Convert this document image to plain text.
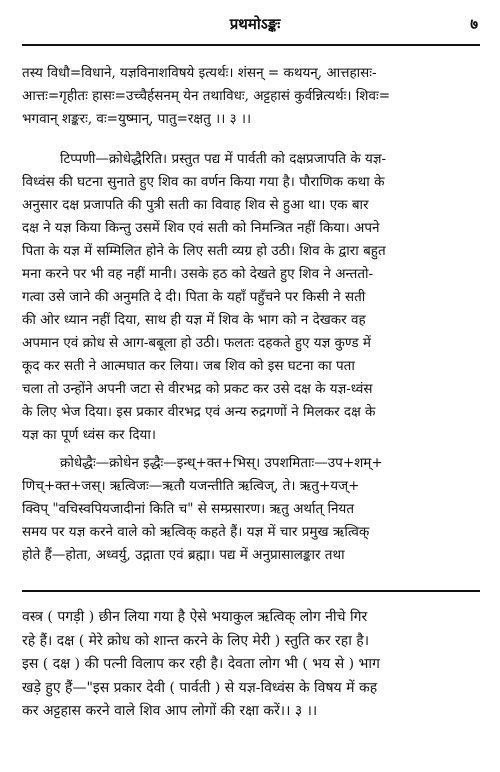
प्रथमोऽङ्कः	७
तस्य विधौ=विधाने, यज्ञविनाशविषये इत्यर्थः। शंसन् = कथयन्, आत्तहासः-
आत्तः=गृहीतः हासः=उच्चैर्हसनम् येन तथाविधः, अट्टहासं कुर्वन्नित्यर्थः। शिवः=
भगवान् शङ्करः, वः=युष्मान्, पातु=रक्षतु ।। ३ ।।
टिप्पणी—क्रोधेद्धैरिति। प्रस्तुत पद्य में पार्वती को दक्षप्रजापति के यज्ञ-
विध्वंस की घटना सुनाते हुए शिव का वर्णन किया गया है। पौराणिक कथा के
अनुसार दक्ष प्रजापति की पुत्री सती का विवाह शिव से हुआ था। एक बार
दक्ष ने यज्ञ किया किन्तु उसमें शिव एवं सती को निमन्त्रित नहीं किया। अपने
पिता के यज्ञ में सम्मिलित होने के लिए सती व्यग्र हो उठी। शिव के द्वारा बहुत
मना करने पर भी वह नहीं मानी। उसके हठ को देखते हुए शिव ने अन्ततो-
गत्वा उसे जाने की अनुमति दे दी। पिता के यहाँ पहुँचने पर किसी ने सती
की ओर ध्यान नहीं दिया, साथ ही यज्ञ में शिव के भाग को न देखकर वह
अपमान एवं क्रोध से आग-बबूला हो उठी। फलतः दहकते हुए यज्ञ कुण्ड में
कूद कर सती ने आत्मघात कर लिया। जब शिव को इस घटना का पता
चला तो उन्होंने अपनी जटा से वीरभद्र को प्रकट कर उसे दक्ष के यज्ञ-ध्वंस
के लिए भेज दिया। इस प्रकार वीरभद्र एवं अन्य रुद्रगणों ने मिलकर दक्ष के
यज्ञ का पूर्ण ध्वंस कर दिया।
क्रोधेद्धैः—क्रोधेन इद्धैः—इन्ध्+क्त+भिस्। उपशमिताः—उप+शम्+
णिच्+क्त+जस्। ऋत्विजः—ऋतौ यजन्तीति ऋत्विज्, ते। ऋतु+यज्+
क्विप् "वचिस्वपियजादीनां किति च" से सम्प्रसारण। ऋतु अर्थात् नियत
समय पर यज्ञ करने वाले को ऋत्विक् कहते हैं। यज्ञ में चार प्रमुख ऋत्विक्
होते हैं—होता, अध्वर्यु, उद्गाता एवं ब्रह्मा। पद्य में अनुप्रासालङ्कार तथा
वस्त्र ( पगड़ी ) छीन लिया गया है ऐसे भयाकुल ऋत्विक् लोग नीचे गिर
रहे हैं। दक्ष ( मेरे क्रोध को शान्त करने के लिए मेरी ) स्तुति कर रहा है।
इस ( दक्ष ) की पत्नी विलाप कर रही है। देवता लोग भी ( भय से ) भाग
खड़े हुए हैं—"इस प्रकार देवी ( पार्वती ) से यज्ञ-विध्वंस के विषय में कह
कर अट्टहास करने वाले शिव आप लोगों की रक्षा करें।। ३ ।।
